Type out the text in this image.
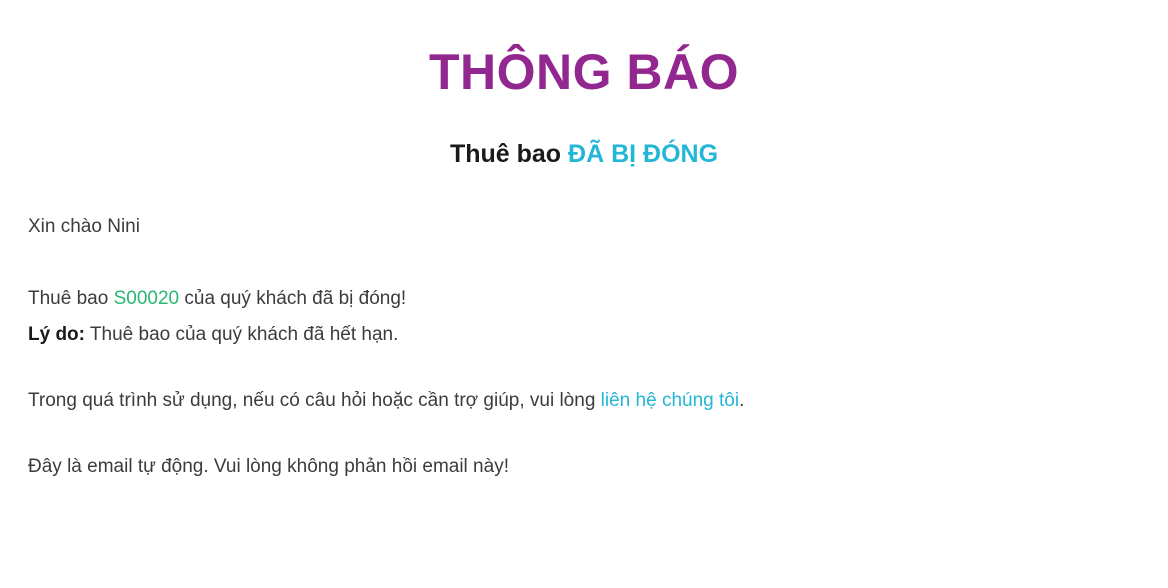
THÔNG BÁO
Thuê bao ĐÃ BỊ ĐÓNG

Xin chào Nini

Thuê bao S00020 của quý khách đã bị đóng!

Lý do: Thuê bao của quý khách đã hết hạn.

Trong quá trình sử dụng, nếu có câu hỏi hoặc cần trợ giúp, vui lòng liên hệ chúng tôi.

Đây là email tự động. Vui lòng không phản hồi email này!
